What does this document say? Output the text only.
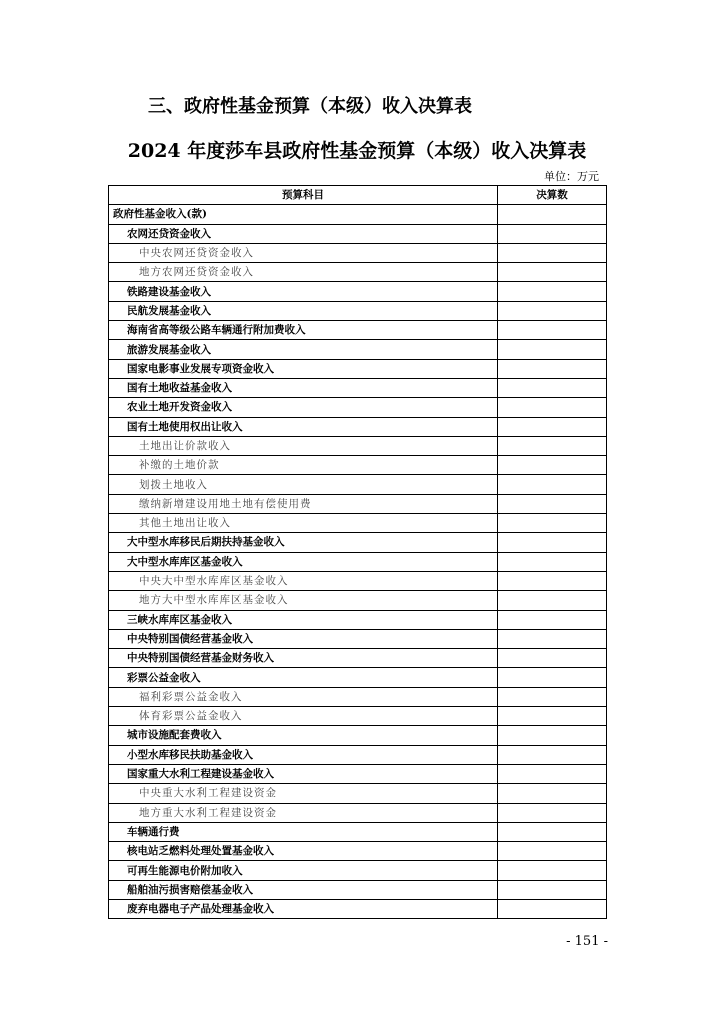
三、政府性基金预算（本级）收入决算表
2024 年度莎车县政府性基金预算（本级）收入决算表
单位：万元
预算科目	决算数
政府性基金收入(款)	
农网还贷资金收入	
中央农网还贷资金收入	
地方农网还贷资金收入	
铁路建设基金收入	
民航发展基金收入	
海南省高等级公路车辆通行附加费收入	
旅游发展基金收入	
国家电影事业发展专项资金收入	
国有土地收益基金收入	
农业土地开发资金收入	
国有土地使用权出让收入	
土地出让价款收入	
补缴的土地价款	
划拨土地收入	
缴纳新增建设用地土地有偿使用费	
其他土地出让收入	
大中型水库移民后期扶持基金收入	
大中型水库库区基金收入	
中央大中型水库库区基金收入	
地方大中型水库库区基金收入	
三峡水库库区基金收入	
中央特别国债经营基金收入	
中央特别国债经营基金财务收入	
彩票公益金收入	
福利彩票公益金收入	
体育彩票公益金收入	
城市设施配套费收入	
小型水库移民扶助基金收入	
国家重大水利工程建设基金收入	
中央重大水利工程建设资金	
地方重大水利工程建设资金	
车辆通行费	
核电站乏燃料处理处置基金收入	
可再生能源电价附加收入	
船舶油污损害赔偿基金收入	
废弃电器电子产品处理基金收入	
- 151 -
